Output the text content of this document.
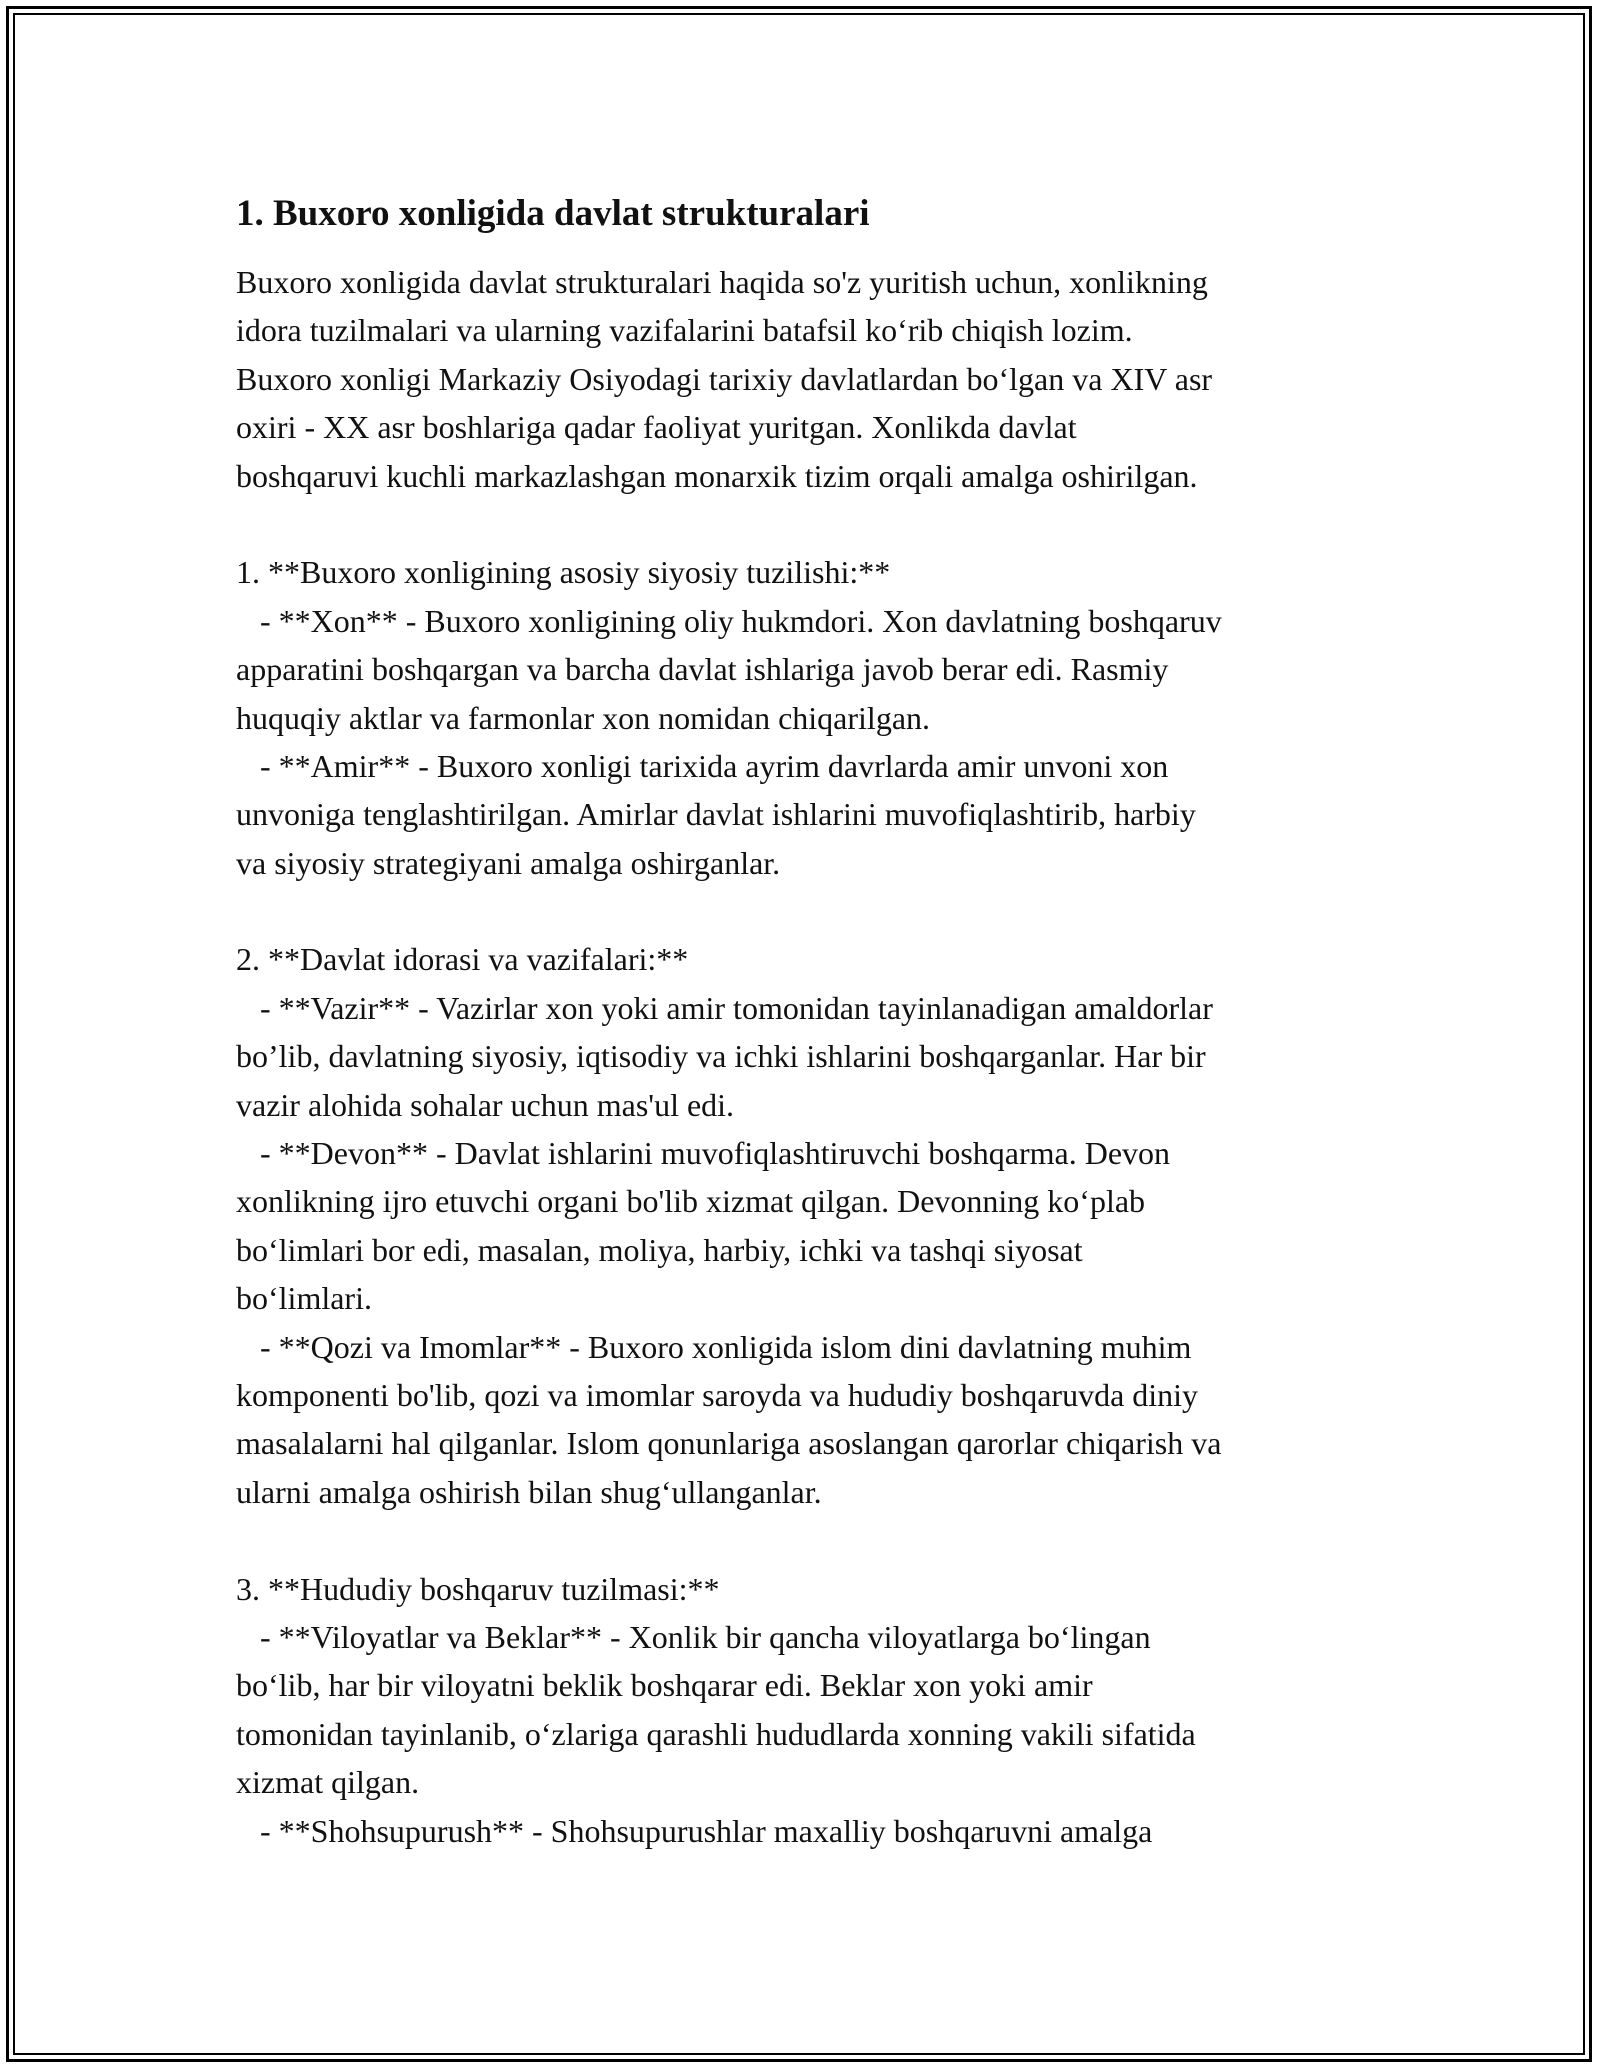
1. Buxoro xonligida davlat strukturalari
Buxoro xonligida davlat strukturalari haqida so'z yuritish uchun, xonlikning
idora tuzilmalari va ularning vazifalarini batafsil ko‘rib chiqish lozim.
Buxoro xonligi Markaziy Osiyodagi tarixiy davlatlardan bo‘lgan va XIV asr
oxiri - XX asr boshlariga qadar faoliyat yuritgan. Xonlikda davlat
boshqaruvi kuchli markazlashgan monarxik tizim orqali amalga oshirilgan.
1. **Buxoro xonligining asosiy siyosiy tuzilishi:**
- **Xon** - Buxoro xonligining oliy hukmdori. Xon davlatning boshqaruv
apparatini boshqargan va barcha davlat ishlariga javob berar edi. Rasmiy
huquqiy aktlar va farmonlar xon nomidan chiqarilgan.
- **Amir** - Buxoro xonligi tarixida ayrim davrlarda amir unvoni xon
unvoniga tenglashtirilgan. Amirlar davlat ishlarini muvofiqlashtirib, harbiy
va siyosiy strategiyani amalga oshirganlar.
2. **Davlat idorasi va vazifalari:**
- **Vazir** - Vazirlar xon yoki amir tomonidan tayinlanadigan amaldorlar
bo’lib, davlatning siyosiy, iqtisodiy va ichki ishlarini boshqarganlar. Har bir
vazir alohida sohalar uchun mas'ul edi.
- **Devon** - Davlat ishlarini muvofiqlashtiruvchi boshqarma. Devon
xonlikning ijro etuvchi organi bo'lib xizmat qilgan. Devonning ko‘plab
bo‘limlari bor edi, masalan, moliya, harbiy, ichki va tashqi siyosat
bo‘limlari.
- **Qozi va Imomlar** - Buxoro xonligida islom dini davlatning muhim
komponenti bo'lib, qozi va imomlar saroyda va hududiy boshqaruvda diniy
masalalarni hal qilganlar. Islom qonunlariga asoslangan qarorlar chiqarish va
ularni amalga oshirish bilan shug‘ullanganlar.
3. **Hududiy boshqaruv tuzilmasi:**
- **Viloyatlar va Beklar** - Xonlik bir qancha viloyatlarga bo‘lingan
bo‘lib, har bir viloyatni beklik boshqarar edi. Beklar xon yoki amir
tomonidan tayinlanib, o‘zlariga qarashli hududlarda xonning vakili sifatida
xizmat qilgan.
- **Shohsupurush** - Shohsupurushlar maxalliy boshqaruvni amalga
